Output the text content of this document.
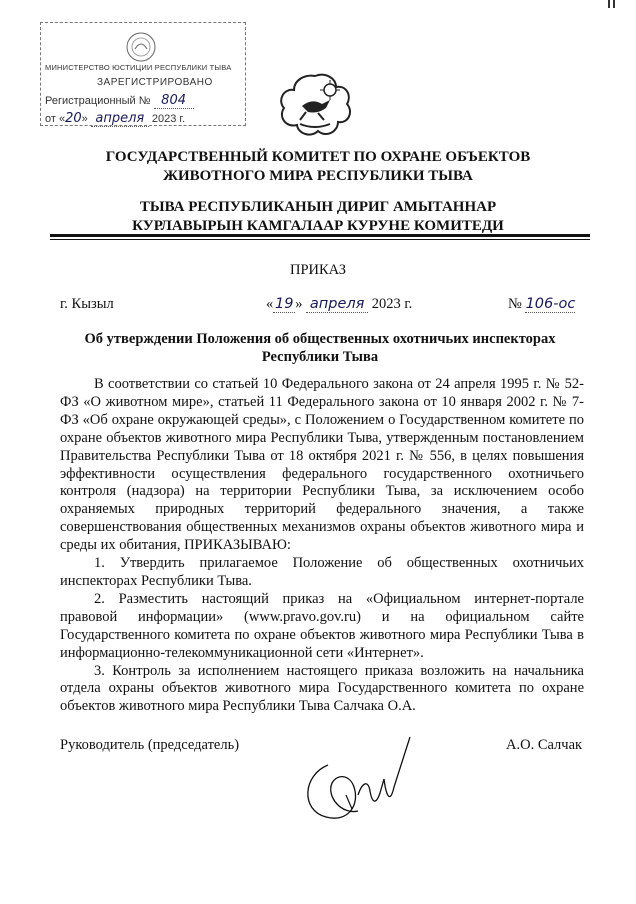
МИНИСТЕРСТВО ЮСТИЦИИ РЕСПУБЛИКИ ТЫВА
ЗАРЕГИСТРИРОВАНО
Регистрационный № 804
от «20» апреля 2023 г.
ГОСУДАРСТВЕННЫЙ КОМИТЕТ ПО ОХРАНЕ ОБЪЕКТОВ
ЖИВОТНОГО МИРА РЕСПУБЛИКИ ТЫВА
ТЫВА РЕСПУБЛИКАНЫН ДИРИГ АМЫТАННАР
КУРЛАВЫРЫН КАМГАЛААР КУРУНЕ КОМИТЕДИ
ПРИКАЗ
г. Кызыл	« 19 » апреля 2023 г.	№ 106-ос
Об утверждении Положения об общественных охотничьих инспекторах
Республики Тыва

В соответствии со статьей 10 Федерального закона от 24 апреля 1995 г. № 52-ФЗ «О животном мире», статьей 11 Федерального закона от 10 января 2002 г. № 7-ФЗ «Об охране окружающей среды», с Положением о Государственном комитете по охране объектов животного мира Республики Тыва, утвержденным постановлением Правительства Республики Тыва от 18 октября 2021 г. № 556, в целях повышения эффективности осуществления федерального государственного охотничьего контроля (надзора) на территории Республики Тыва, за исключением особо охраняемых природных территорий федерального значения, а также совершенствования общественных механизмов охраны объектов животного мира и среды их обитания, ПРИКАЗЫВАЮ:

1. Утвердить прилагаемое Положение об общественных охотничьих инспекторах Республики Тыва.

2. Разместить настоящий приказ на «Официальном интернет-портале правовой информации» (www.pravo.gov.ru) и на официальном сайте Государственного комитета по охране объектов животного мира Республики Тыва в информационно-телекоммуникационной сети «Интернет».

3. Контроль за исполнением настоящего приказа возложить на начальника отдела охраны объектов животного мира Государственного комитета по охране объектов животного мира Республики Тыва Салчака О.А.

Руководитель (председатель)	А.О. Салчак
